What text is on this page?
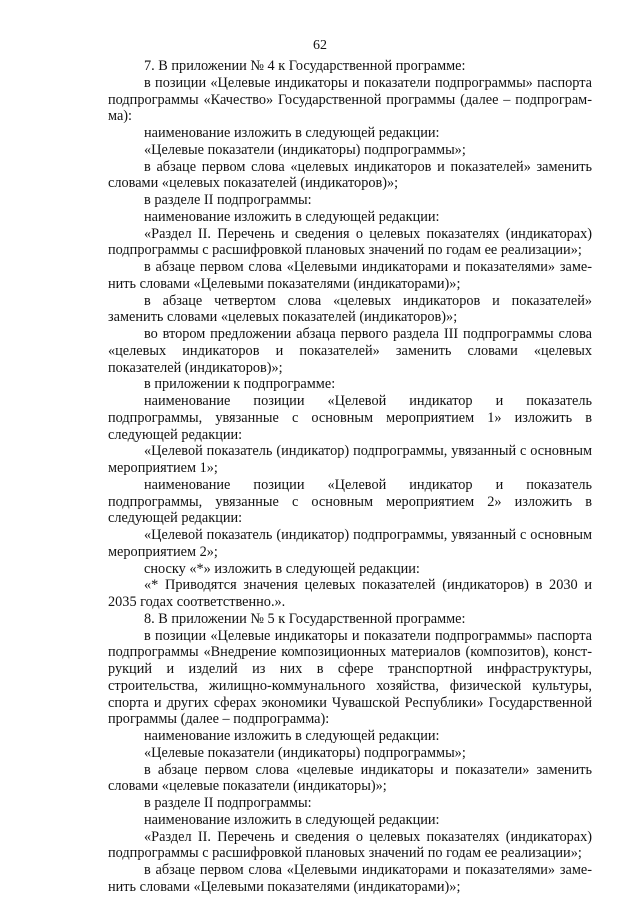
62

7. В приложении № 4 к Государственной программе:

в позиции «Целевые индикаторы и показатели подпрограммы» паспорта подпрограммы «Качество» Государственной программы (далее – подпрограмма):

наименование изложить в следующей редакции:

«Целевые показатели (индикаторы) подпрограммы»;

в абзаце первом слова «целевых индикаторов и показателей» заменить словами «целевых показателей (индикаторов)»;

в разделе II подпрограммы:

наименование изложить в следующей редакции:

«Раздел II. Перечень и сведения о целевых показателях (индикаторах) подпрограммы с расшифровкой плановых значений по годам ее реализации»;

в абзаце первом слова «Целевыми индикаторами и показателями» заменить словами «Целевыми показателями (индикаторами)»;

в абзаце четвертом слова «целевых индикаторов и показателей» заменить словами «целевых показателей (индикаторов)»;

во втором предложении абзаца первого раздела III подпрограммы слова «целевых индикаторов и показателей» заменить словами «целевых показателей (индикаторов)»;

в приложении к подпрограмме:

наименование позиции «Целевой индикатор и показатель подпрограммы, увязанные с основным мероприятием 1» изложить в следующей редакции:

«Целевой показатель (индикатор) подпрограммы, увязанный с основным мероприятием 1»;

наименование позиции «Целевой индикатор и показатель подпрограммы, увязанные с основным мероприятием 2» изложить в следующей редакции:

«Целевой показатель (индикатор) подпрограммы, увязанный с основным мероприятием 2»;

сноску «*» изложить в следующей редакции:

«* Приводятся значения целевых показателей (индикаторов) в 2030 и 2035 годах соответственно.».

8. В приложении № 5 к Государственной программе:

в позиции «Целевые индикаторы и показатели подпрограммы» паспорта подпрограммы «Внедрение композиционных материалов (композитов), конструкций и изделий из них в сфере транспортной инфраструктуры, строительства, жилищно-коммунального хозяйства, физической культуры, спорта и других сферах экономики Чувашской Республики» Государственной программы (далее – подпрограмма):

наименование изложить в следующей редакции:

«Целевые показатели (индикаторы) подпрограммы»;

в абзаце первом слова «целевые индикаторы и показатели» заменить словами «целевые показатели (индикаторы)»;

в разделе II подпрограммы:

наименование изложить в следующей редакции:

«Раздел II. Перечень и сведения о целевых показателях (индикаторах) подпрограммы с расшифровкой плановых значений по годам ее реализации»;

в абзаце первом слова «Целевыми индикаторами и показателями» заменить словами «Целевыми показателями (индикаторами)»;
